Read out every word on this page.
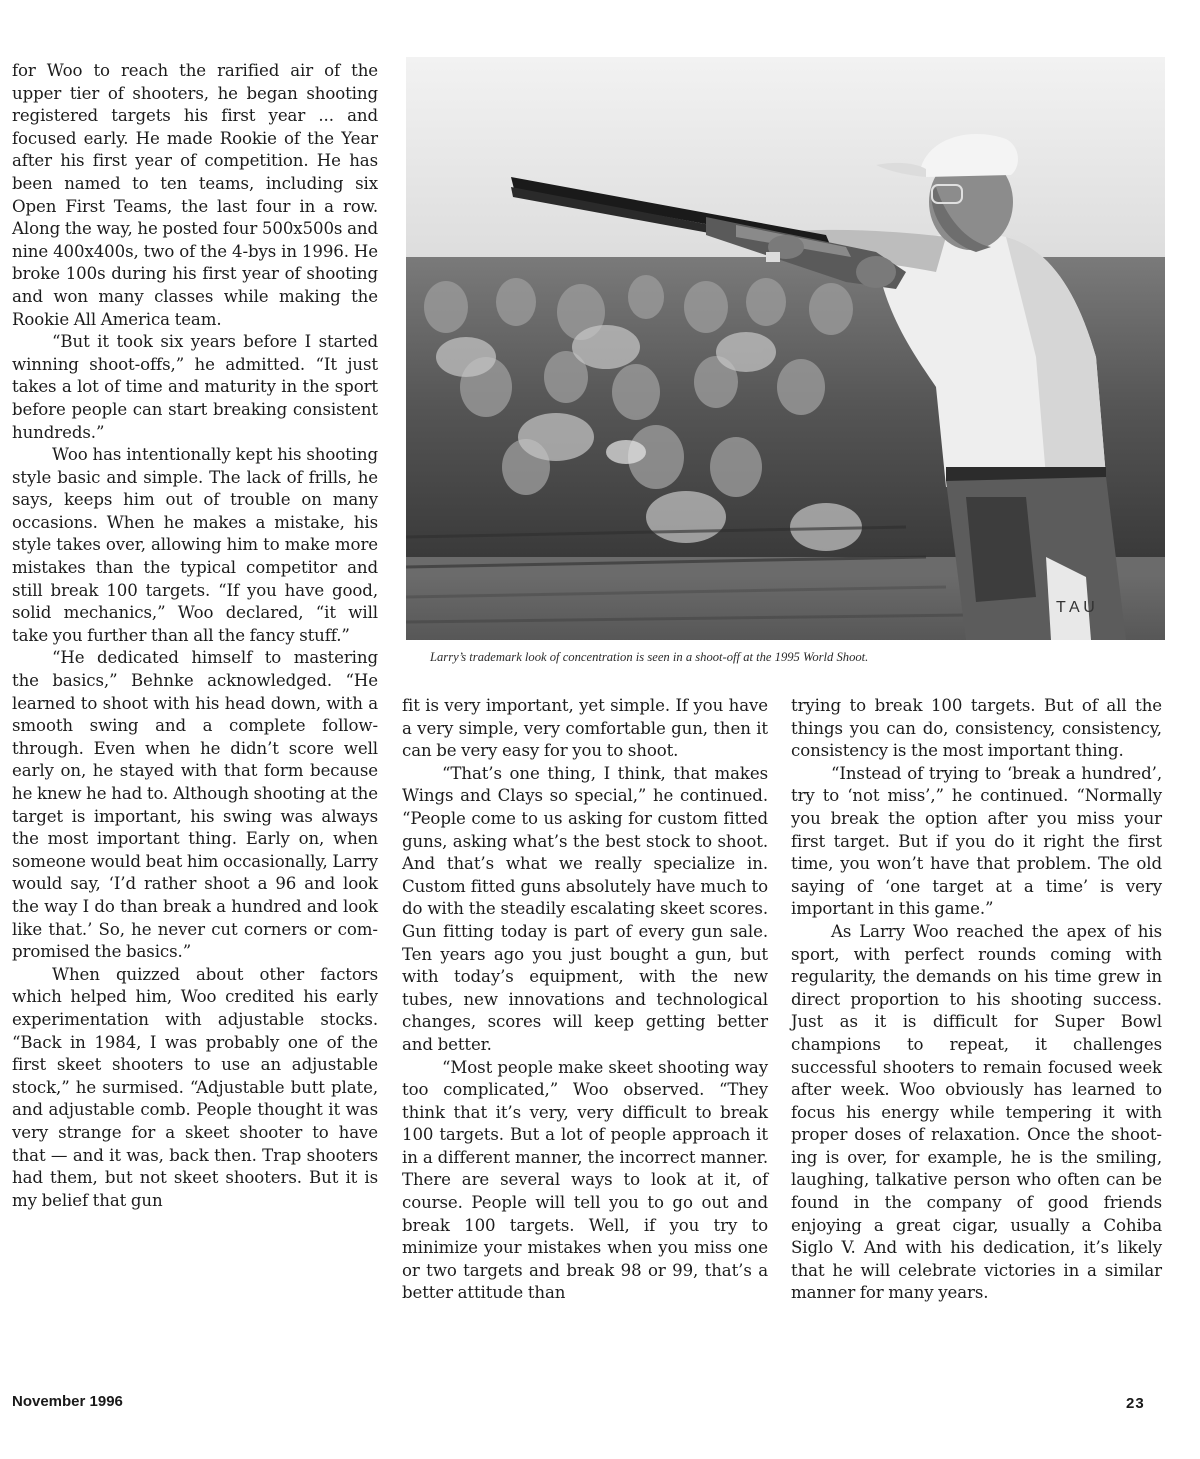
for Woo to reach the rarified air of the upper tier of shooters, he began shooting registered targets his first year ... and focused early. He made Rookie of the Year after his first year of competition. He has been named to ten teams, including six Open First Teams, the last four in a row. Along the way, he posted four 500x500s and nine 400x400s, two of the 4-bys in 1996. He broke 100s during his first year of shooting and won many classes while making the Rookie All America team.

“But it took six years before I started winning shoot-offs,” he admitted. “It just takes a lot of time and maturity in the sport before people can start breaking consistent hundreds.”

Woo has intentionally kept his shooting style basic and simple. The lack of frills, he says, keeps him out of trouble on many occasions. When he makes a mistake, his style takes over, allowing him to make more mistakes than the typical competitor and still break 100 targets. “If you have good, solid mechanics,” Woo declared, “it will take you further than all the fancy stuff.”

“He dedicated himself to mastering the basics,” Behnke acknowledged. “He learned to shoot with his head down, with a smooth swing and a complete follow-through. Even when he didn’t score well early on, he stayed with that form because he knew he had to. Although shooting at the target is important, his swing was always the most important thing. Early on, when someone would beat him occasionally, Larry would say, ‘I’d rather shoot a 96 and look the way I do than break a hundred and look like that.’ So, he never cut corners or compromised the basics.”

When quizzed about other factors which helped him, Woo credited his early experimentation with adjustable stocks. “Back in 1984, I was probably one of the first skeet shooters to use an adjustable stock,” he surmised. “Adjustable butt plate, and adjustable comb. People thought it was very strange for a skeet shooter to have that — and it was, back then. Trap shooters had them, but not skeet shooters. But it is my belief that gun

T A U
Larry’s trademark look of concentration is seen in a shoot-off at the 1995 World Shoot.

fit is very important, yet simple. If you have a very simple, very comfortable gun, then it can be very easy for you to shoot.

“That’s one thing, I think, that makes Wings and Clays so special,” he continued. “People come to us asking for custom fitted guns, asking what’s the best stock to shoot. And that’s what we really specialize in. Custom fitted guns absolutely have much to do with the steadily escalating skeet scores. Gun fitting today is part of every gun sale. Ten years ago you just bought a gun, but with today’s equipment, with the new tubes, new innovations and technological changes, scores will keep getting better and better.

“Most people make skeet shooting way too complicated,” Woo observed. “They think that it’s very, very difficult to break 100 targets. But a lot of people approach it in a different manner, the incorrect manner. There are several ways to look at it, of course. People will tell you to go out and break 100 targets. Well, if you try to minimize your mistakes when you miss one or two targets and break 98 or 99, that’s a better attitude than

trying to break 100 targets. But of all the things you can do, consistency, consistency, consistency is the most important thing.

“Instead of trying to ‘break a hundred’, try to ‘not miss’,” he continued. “Normally you break the option after you miss your first target. But if you do it right the first time, you won’t have that problem. The old saying of ‘one target at a time’ is very important in this game.”

As Larry Woo reached the apex of his sport, with perfect rounds coming with regularity, the demands on his time grew in direct proportion to his shooting success. Just as it is difficult for Super Bowl champions to repeat, it challenges successful shooters to remain focused week after week. Woo obviously has learned to focus his energy while tempering it with proper doses of relaxation. Once the shooting is over, for example, he is the smiling, laughing, talkative person who often can be found in the company of good friends enjoying a great cigar, usually a Cohiba Siglo V. And with his dedication, it’s likely that he will celebrate victories in a similar manner for many years.

November 1996	23
